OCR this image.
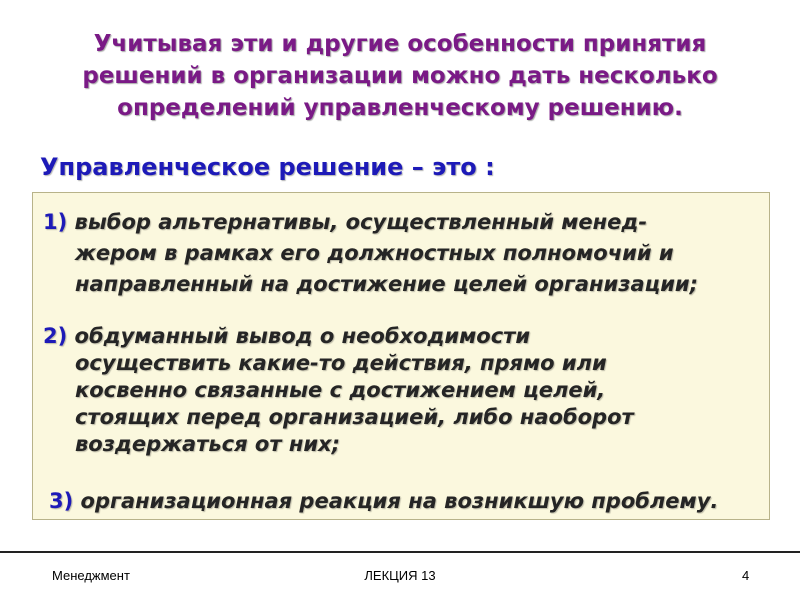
Учитывая эти и другие особенности принятия
решений в организации можно дать несколько
определений управленческому решению.
Управленческое решение – это :
1) выбор альтернативы, осуществленный менед-
жером в рамках его должностных полномочий и
направленный на достижение целей организации;
2) обдуманный вывод о необходимости
осуществить какие-то действия, прямо или
косвенно связанные с достижением целей,
стоящих перед организацией, либо наоборот
воздержаться от них;
3) организационная реакция на возникшую проблему.
Менеджмент	ЛЕКЦИЯ 13	4
